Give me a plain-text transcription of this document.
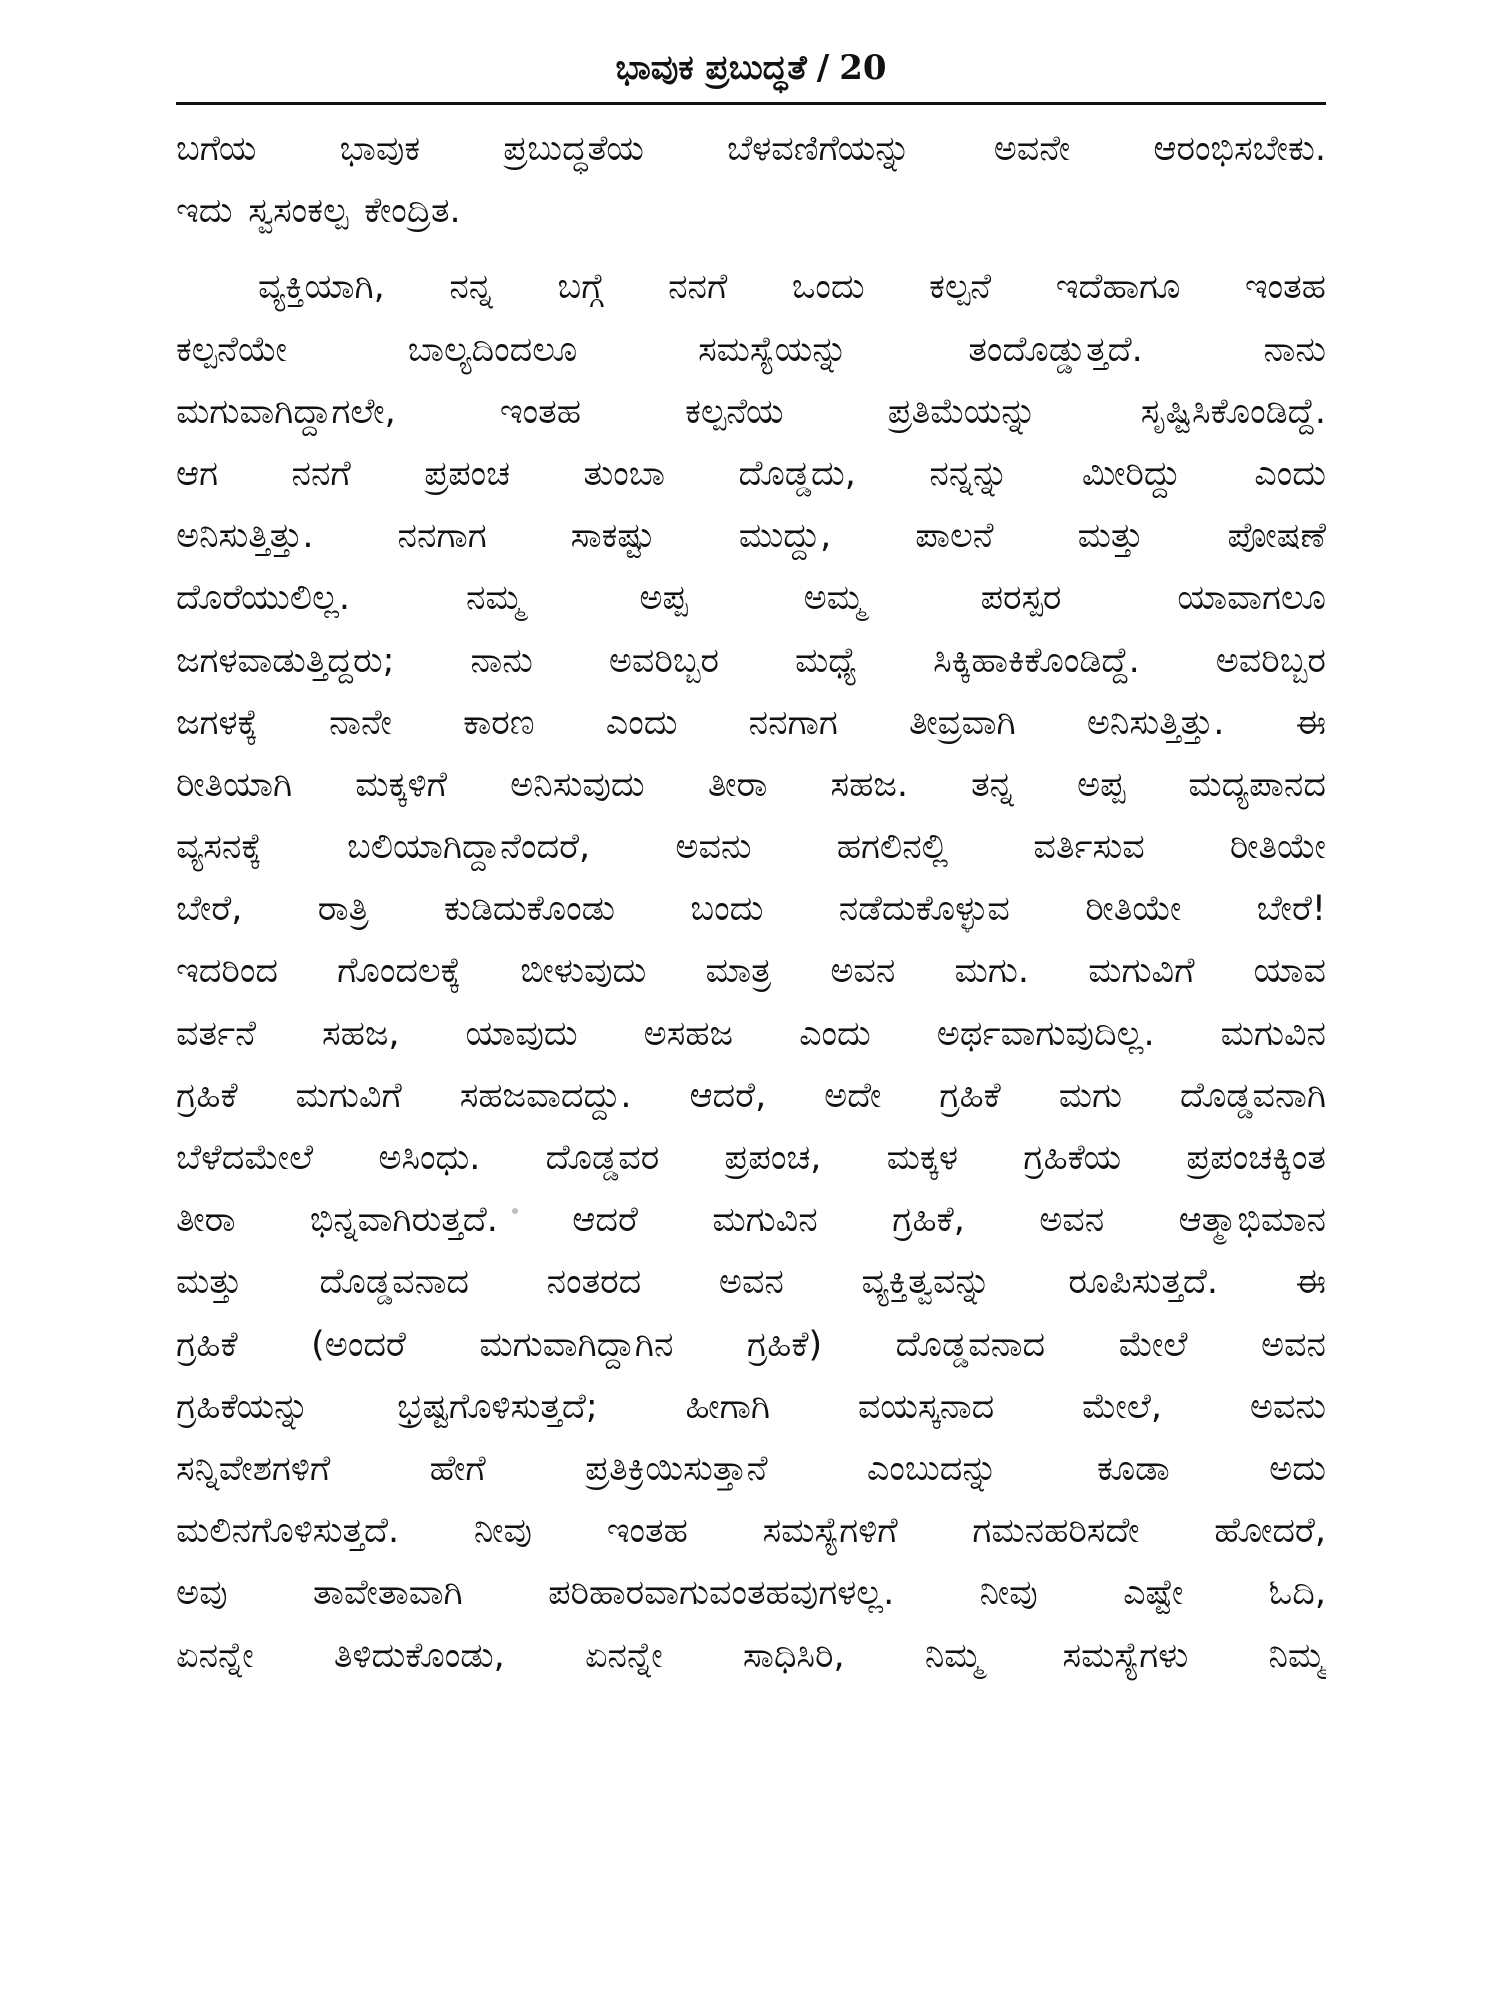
ಭಾವುಕ ಪ್ರಬುದ್ಧತೆ / 20
ಬಗೆಯ ಭಾವುಕ ಪ್ರಬುದ್ಧತೆಯ ಬೆಳವಣಿಗೆಯನ್ನು ಅವನೇ ಆರಂಭಿಸಬೇಕು.
ಇದು ಸ್ವಸಂಕಲ್ಪ ಕೇಂದ್ರಿತ.
ವ್ಯಕ್ತಿಯಾಗಿ, ನನ್ನ ಬಗ್ಗೆ ನನಗೆ ಒಂದು ಕಲ್ಪನೆ ಇದೆಹಾಗೂ ಇಂತಹ
ಕಲ್ಪನೆಯೇ	ಬಾಲ್ಯದಿಂದಲೂ	ಸಮಸ್ಯೆಯನ್ನು	ತಂದೊಡ್ಡುತ್ತದೆ.	ನಾನು
ಮಗುವಾಗಿದ್ದಾಗಲೇ,	ಇಂತಹ	ಕಲ್ಪನೆಯ	ಪ್ರತಿಮೆಯನ್ನು	ಸೃಷ್ಟಿಸಿಕೊಂಡಿದ್ದೆ.
ಆಗ ನನಗೆ ಪ್ರಪಂಚ ತುಂಬಾ ದೊಡ್ಡದು, ನನ್ನನ್ನು ಮೀರಿದ್ದು ಎಂದು
ಅನಿಸುತ್ತಿತ್ತು. ನನಗಾಗ ಸಾಕಷ್ಟು ಮುದ್ದು, ಪಾಲನೆ ಮತ್ತು ಪೋಷಣೆ
ದೊರೆಯುಲಿಲ್ಲ.	ನಮ್ಮ	ಅಪ್ಪ	ಅಮ್ಮ	ಪರಸ್ಪರ	ಯಾವಾಗಲೂ
ಜಗಳವಾಡುತ್ತಿದ್ದರು; ನಾನು ಅವರಿಬ್ಬರ ಮಧ್ಯೆ ಸಿಕ್ಕಿಹಾಕಿಕೊಂಡಿದ್ದೆ. ಅವರಿಬ್ಬರ
ಜಗಳಕ್ಕೆ ನಾನೇ ಕಾರಣ ಎಂದು ನನಗಾಗ ತೀವ್ರವಾಗಿ ಅನಿಸುತ್ತಿತ್ತು. ಈ
ರೀತಿಯಾಗಿ ಮಕ್ಕಳಿಗೆ ಅನಿಸುವುದು ತೀರಾ ಸಹಜ. ತನ್ನ ಅಪ್ಪ ಮದ್ಯಪಾನದ
ವ್ಯಸನಕ್ಕೆ ಬಲಿಯಾಗಿದ್ದಾನೆಂದರೆ, ಅವನು ಹಗಲಿನಲ್ಲಿ ವರ್ತಿಸುವ ರೀತಿಯೇ
ಬೇರೆ, ರಾತ್ರಿ ಕುಡಿದುಕೊಂಡು ಬಂದು ನಡೆದುಕೊಳ್ಳುವ ರೀತಿಯೇ ಬೇರೆ!
ಇದರಿಂದ ಗೊಂದಲಕ್ಕೆ ಬೀಳುವುದು ಮಾತ್ರ ಅವನ ಮಗು. ಮಗುವಿಗೆ ಯಾವ
ವರ್ತನೆ ಸಹಜ, ಯಾವುದು ಅಸಹಜ ಎಂದು ಅರ್ಥವಾಗುವುದಿಲ್ಲ. ಮಗುವಿನ
ಗ್ರಹಿಕೆ ಮಗುವಿಗೆ ಸಹಜವಾದದ್ದು. ಆದರೆ, ಅದೇ ಗ್ರಹಿಕೆ ಮಗು ದೊಡ್ಡವನಾಗಿ
ಬೆಳೆದಮೇಲೆ ಅಸಿಂಧು. ದೊಡ್ಡವರ ಪ್ರಪಂಚ, ಮಕ್ಕಳ ಗ್ರಹಿಕೆಯ ಪ್ರಪಂಚಕ್ಕಿಂತ
ತೀರಾ ಭಿನ್ನವಾಗಿರುತ್ತದೆ. ಆದರೆ ಮಗುವಿನ ಗ್ರಹಿಕೆ, ಅವನ ಆತ್ಮಾಭಿಮಾನ
ಮತ್ತು ದೊಡ್ಡವನಾದ ನಂತರದ ಅವನ ವ್ಯಕ್ತಿತ್ವವನ್ನು ರೂಪಿಸುತ್ತದೆ. ಈ
ಗ್ರಹಿಕೆ (ಅಂದರೆ ಮಗುವಾಗಿದ್ದಾಗಿನ ಗ್ರಹಿಕೆ) ದೊಡ್ಡವನಾದ ಮೇಲೆ ಅವನ
ಗ್ರಹಿಕೆಯನ್ನು	ಭ್ರಷ್ಟಗೊಳಿಸುತ್ತದೆ;	ಹೀಗಾಗಿ	ವಯಸ್ಕನಾದ	ಮೇಲೆ,	ಅವನು
ಸನ್ನಿವೇಶಗಳಿಗೆ	ಹೇಗೆ	ಪ್ರತಿಕ್ರಿಯಿಸುತ್ತಾನೆ	ಎಂಬುದನ್ನು	ಕೂಡಾ	ಅದು
ಮಲಿನಗೊಳಿಸುತ್ತದೆ. ನೀವು ಇಂತಹ ಸಮಸ್ಯೆಗಳಿಗೆ ಗಮನಹರಿಸದೇ ಹೋದರೆ,
ಅವು ತಾವೇತಾವಾಗಿ ಪರಿಹಾರವಾಗುವಂತಹವುಗಳಲ್ಲ. ನೀವು ಎಷ್ಟೇ ಓದಿ,
ಏನನ್ನೇ ತಿಳಿದುಕೊಂಡು, ಏನನ್ನೇ ಸಾಧಿಸಿರಿ, ನಿಮ್ಮ ಸಮಸ್ಯೆಗಳು ನಿಮ್ಮ
